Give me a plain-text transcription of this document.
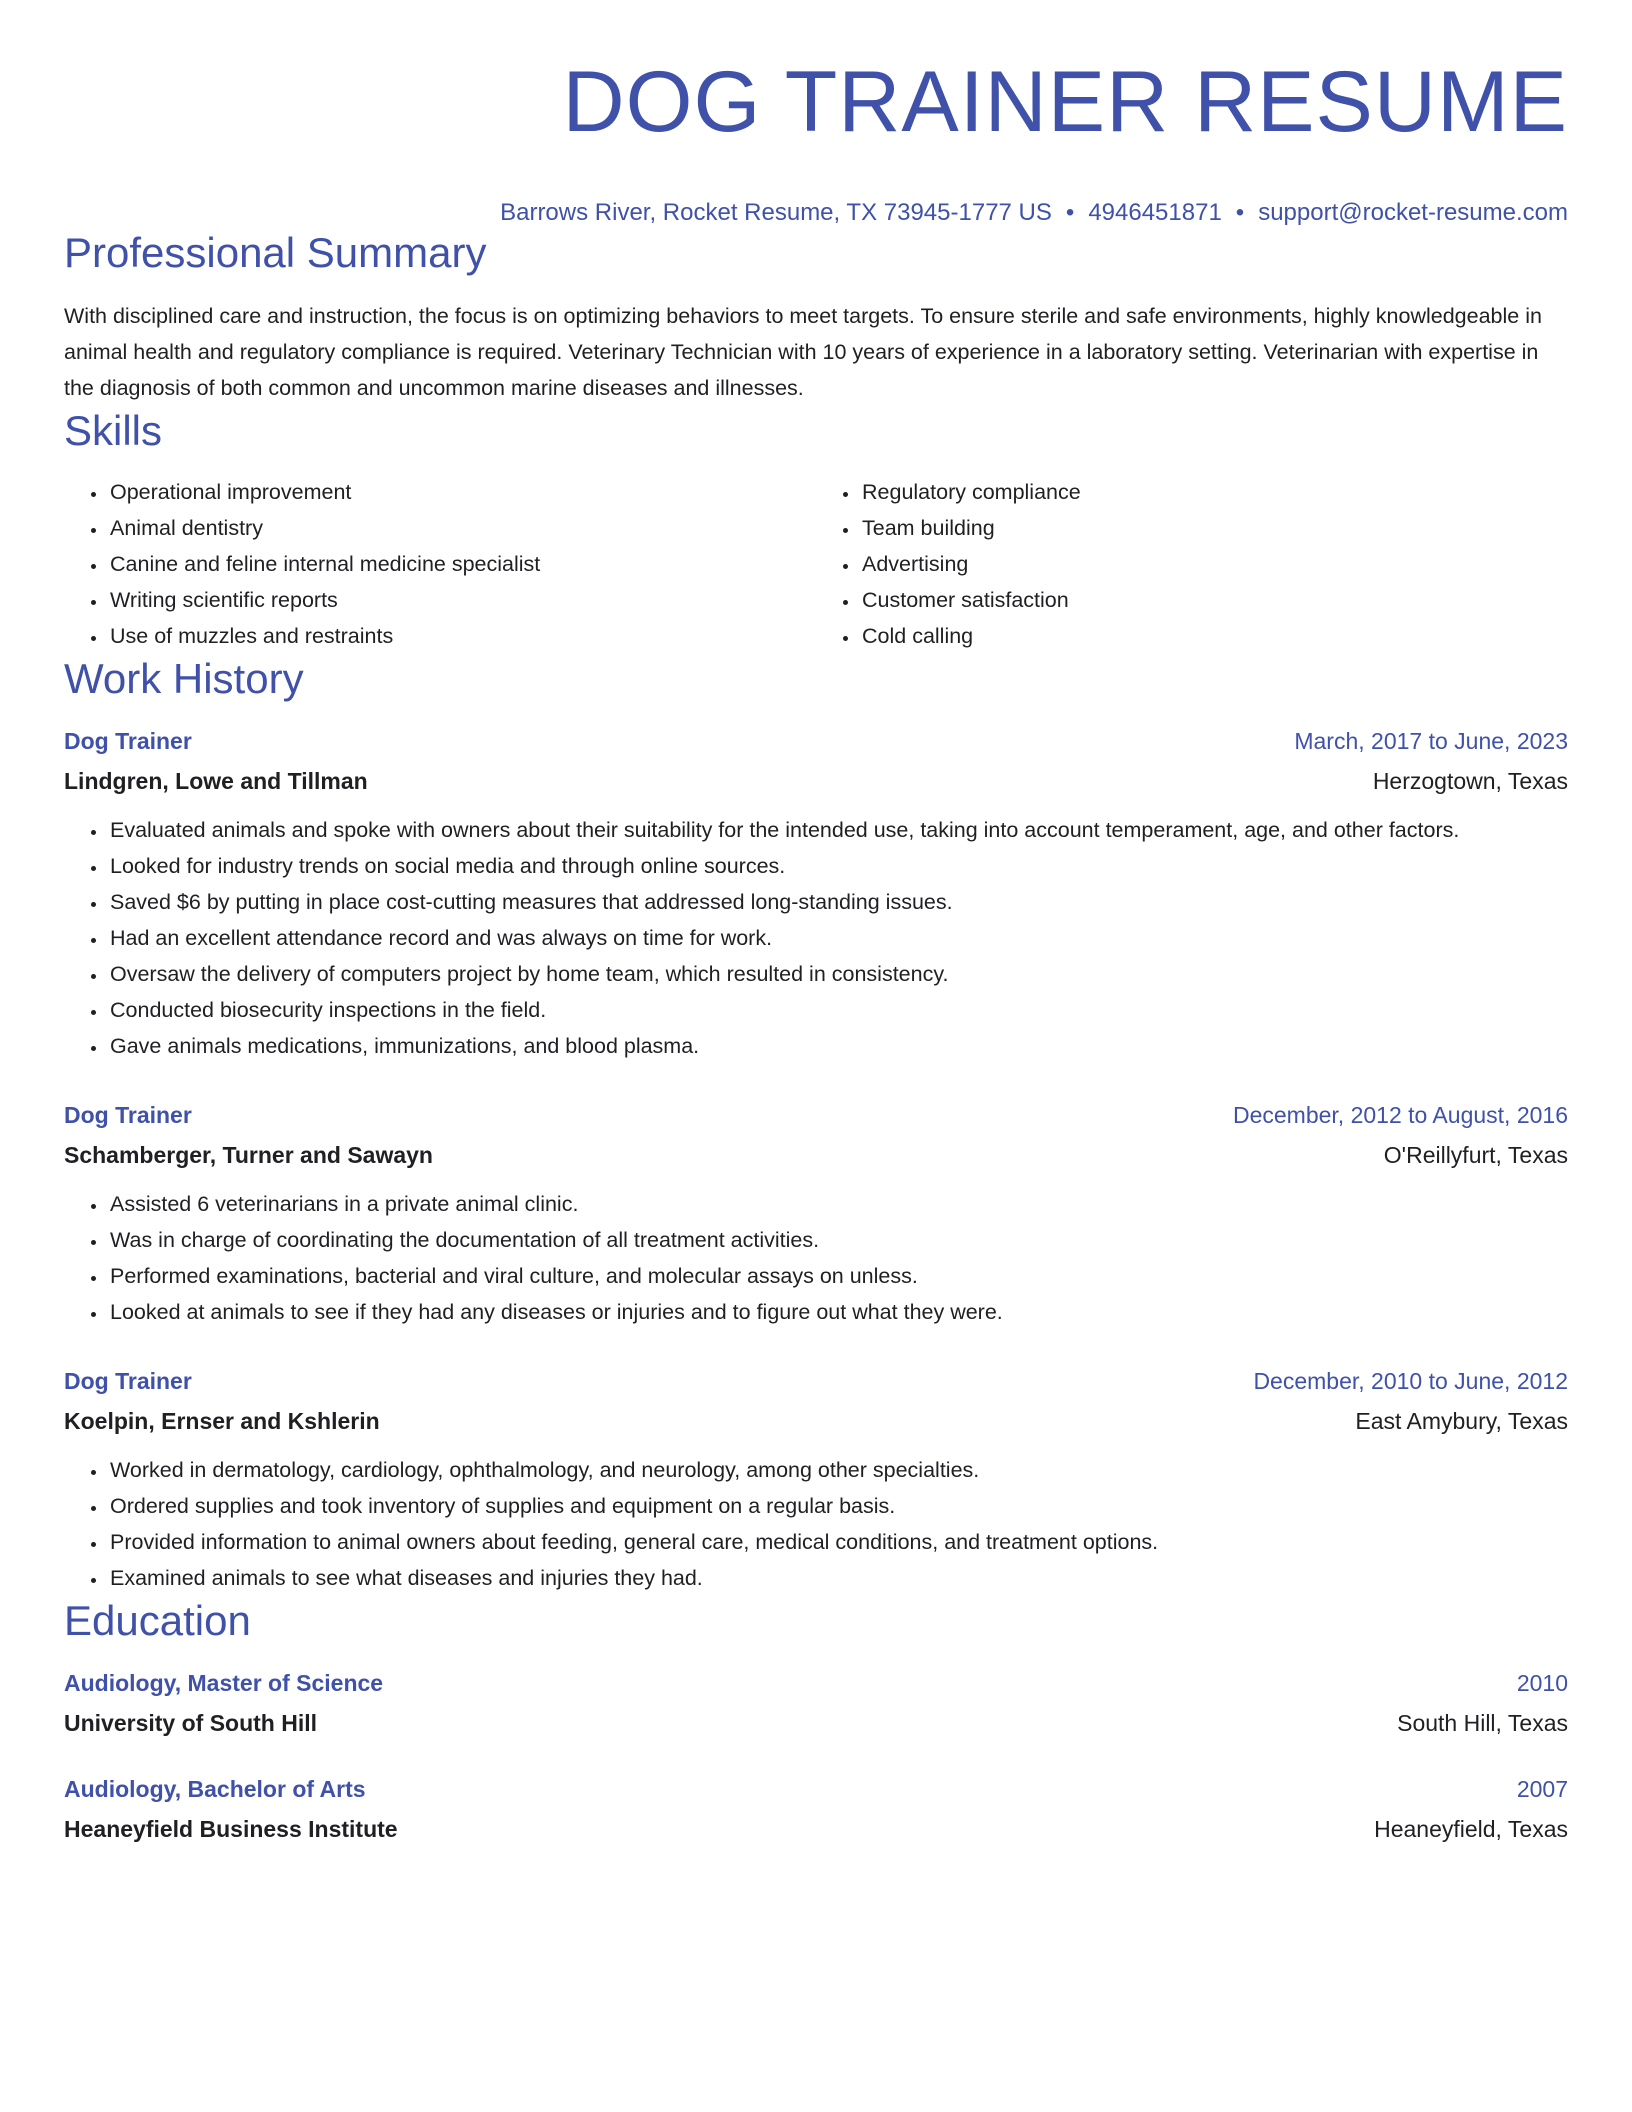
DOG TRAINER RESUME
Barrows River, Rocket Resume, TX 73945-1777 US • 4946451871 • support@rocket-resume.com
Professional Summary

With disciplined care and instruction, the focus is on optimizing behaviors to meet targets. To ensure sterile and safe environments, highly knowledgeable in animal health and regulatory compliance is required. Veterinary Technician with 10 years of experience in a laboratory setting. Veterinarian with expertise in the diagnosis of both common and uncommon marine diseases and illnesses.

Skills
• Operational improvement
• Animal dentistry
• Canine and feline internal medicine specialist
• Writing scientific reports
• Use of muzzles and restraints
• Regulatory compliance
• Team building
• Advertising
• Customer satisfaction
• Cold calling
Work History
Dog Trainer	March, 2017 to June, 2023
Lindgren, Lowe and Tillman	Herzogtown, Texas
• Evaluated animals and spoke with owners about their suitability for the intended use, taking into account temperament, age, and other factors.
• Looked for industry trends on social media and through online sources.
• Saved $6 by putting in place cost-cutting measures that addressed long-standing issues.
• Had an excellent attendance record and was always on time for work.
• Oversaw the delivery of computers project by home team, which resulted in consistency.
• Conducted biosecurity inspections in the field.
• Gave animals medications, immunizations, and blood plasma.
Dog Trainer	December, 2012 to August, 2016
Schamberger, Turner and Sawayn	O'Reillyfurt, Texas
• Assisted 6 veterinarians in a private animal clinic.
• Was in charge of coordinating the documentation of all treatment activities.
• Performed examinations, bacterial and viral culture, and molecular assays on unless.
• Looked at animals to see if they had any diseases or injuries and to figure out what they were.
Dog Trainer	December, 2010 to June, 2012
Koelpin, Ernser and Kshlerin	East Amybury, Texas
• Worked in dermatology, cardiology, ophthalmology, and neurology, among other specialties.
• Ordered supplies and took inventory of supplies and equipment on a regular basis.
• Provided information to animal owners about feeding, general care, medical conditions, and treatment options.
• Examined animals to see what diseases and injuries they had.
Education
Audiology, Master of Science	2010
University of South Hill	South Hill, Texas
Audiology, Bachelor of Arts	2007
Heaneyfield Business Institute	Heaneyfield, Texas
